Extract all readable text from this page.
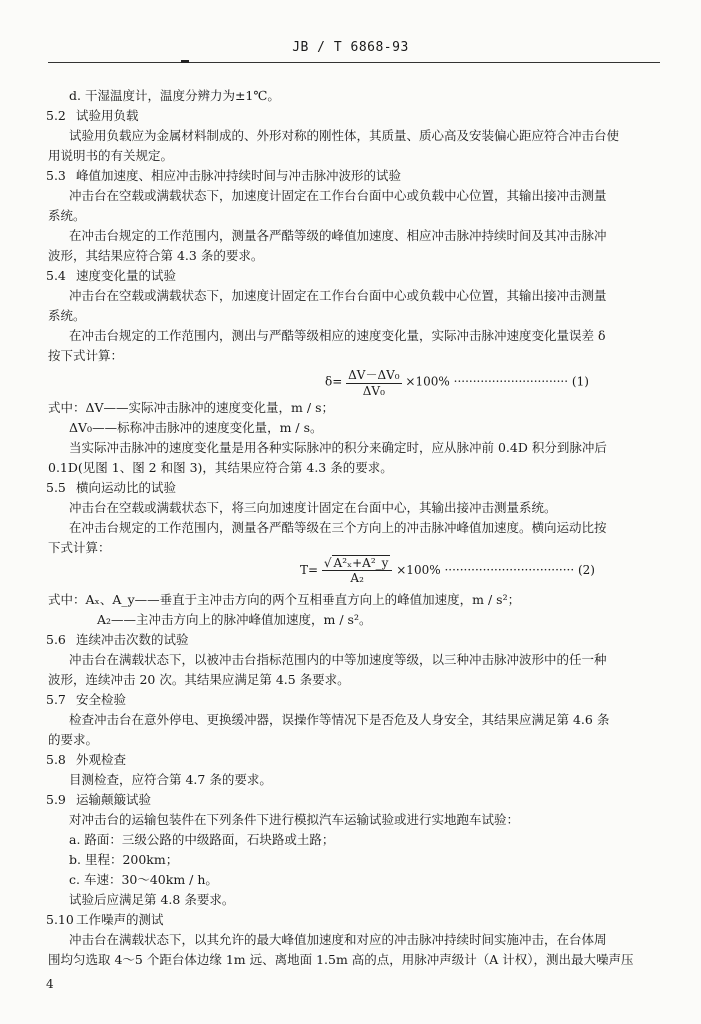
JB / T 6868-93
d. 干湿温度计，温度分辨力为±1℃。
5.2 试验用负载
试验用负载应为金属材料制成的、外形对称的刚性体，其质量、质心高及安装偏心距应符合冲击台使
用说明书的有关规定。
5.3 峰值加速度、相应冲击脉冲持续时间与冲击脉冲波形的试验
冲击台在空载或满载状态下，加速度计固定在工作台台面中心或负载中心位置，其输出接冲击测量
系统。
在冲击台规定的工作范围内，测量各严酷等级的峰值加速度、相应冲击脉冲持续时间及其冲击脉冲
波形，其结果应符合第 4.3 条的要求。
5.4 速度变化量的试验
冲击台在空载或满载状态下，加速度计固定在工作台台面中心或负载中心位置，其输出接冲击测量
系统。
在冲击台规定的工作范围内，测出与严酷等级相应的速度变化量，实际冲击脉冲速度变化量误差 δ
按下式计算：
$\delta= \frac{\text{ΔV－ΔV₀}}{\text{ΔV₀}} \times 100\%$ ······························ (1)
式中：ΔV——实际冲击脉冲的速度变化量，m / s；
ΔV₀——标称冲击脉冲的速度变化量，m / s。
当实际冲击脉冲的速度变化量是用各种实际脉冲的积分来确定时，应从脉冲前 0.4D 积分到脉冲后
0.1D(见图 1、图 2 和图 3)，其结果应符合第 4.3 条的要求。
5.5 横向运动比的试验
冲击台在空载或满载状态下，将三向加速度计固定在台面中心，其输出接冲击测量系统。
在冲击台规定的工作范围内，测量各严酷等级在三个方向上的冲击脉冲峰值加速度。横向运动比按
下式计算：
$T= \frac{\text{√ A²ₓ+A²\_y}}{\text{A₂}} \times 100\%$ ·································· (2)
式中：Aₓ、A_y——垂直于主冲击方向的两个互相垂直方向上的峰值加速度，m / s²；
A₂——主冲击方向上的脉冲峰值加速度，m / s²。
5.6 连续冲击次数的试验
冲击台在满载状态下，以被冲击台指标范围内的中等加速度等级，以三种冲击脉冲波形中的任一种
波形，连续冲击 20 次。其结果应满足第 4.5 条要求。
5.7 安全检验
检查冲击台在意外停电、更换缓冲器，误操作等情况下是否危及人身安全，其结果应满足第 4.6 条
的要求。
5.8 外观检查
目测检查，应符合第 4.7 条的要求。
5.9 运输颠簸试验
对冲击台的运输包装件在下列条件下进行模拟汽车运输试验或进行实地跑车试验：
a. 路面：三级公路的中级路面，石块路或土路；
b. 里程：200km；
c. 车速：30～40km / h。
试验后应满足第 4.8 条要求。
5.10 工作噪声的测试
冲击台在满载状态下，以其允许的最大峰值加速度和对应的冲击脉冲持续时间实施冲击，在台体周
围均匀选取 4～5 个距台体边缘 1m 远、离地面 1.5m 高的点，用脉冲声级计（A 计权），测出最大噪声压
4
